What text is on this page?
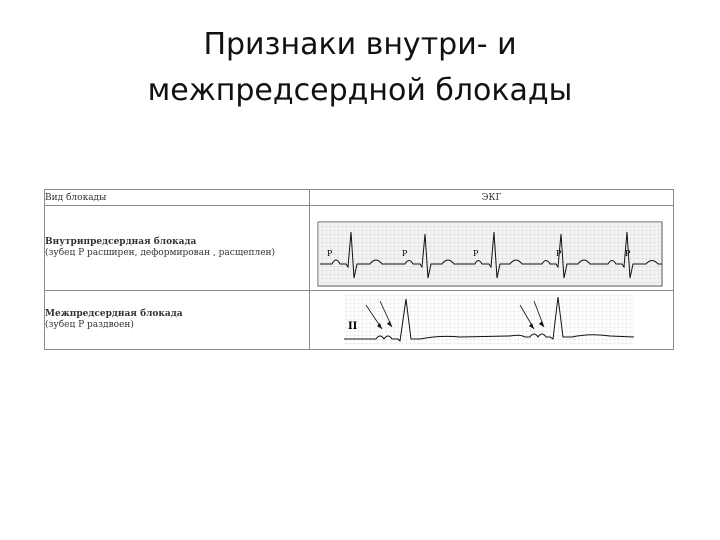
Признаки внутри- и
межпредсердной блокады
Вид блокады	ЭКГ

Внутрипредсердная блокада
(зубец P расширен, деформирован , расщеплен)	P P P P P

Межпредсердная блокада
(зубец P раздвоен)	II
